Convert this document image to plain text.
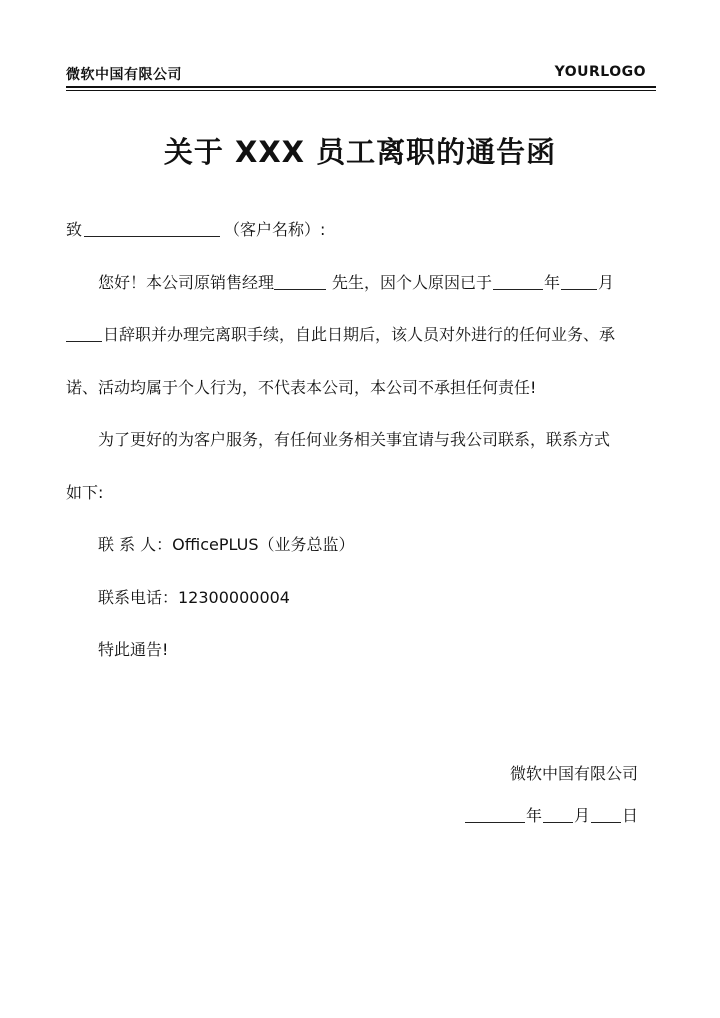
微软中国有限公司	YOURLOGO
关于 XXX 员工离职的通告函
致	（客户名称）:
您好！本公司原销售经理	先生，因个人原因已于	年 月
日辞职并办理完离职手续，自此日期后，该人员对外进行的任何业务、承
诺、活动均属于个人行为，不代表本公司，本公司不承担任何责任!
为了更好的为客户服务，有任何业务相关事宜请与我公司联系，联系方式
如下:
联 系 人：OfficePLUS（业务总监）
联系电话：12300000004
特此通告!
微软中国有限公司
年 月 日
